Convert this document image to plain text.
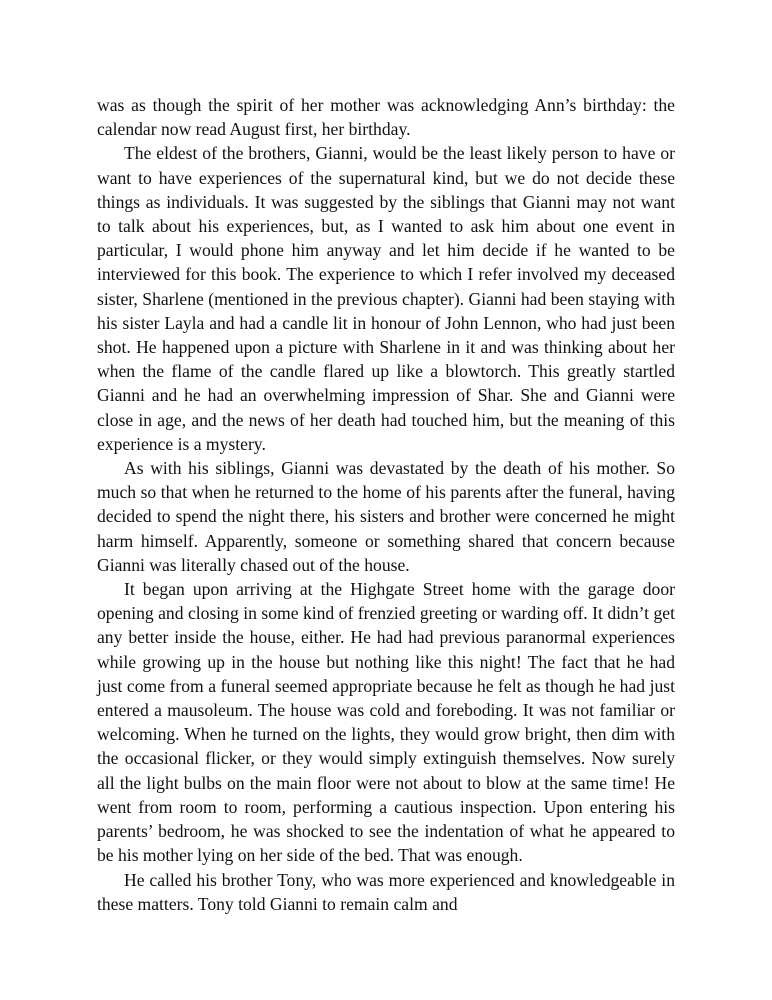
was as though the spirit of her mother was acknowledging Ann’s birthday: the calendar now read August first, her birthday.

The eldest of the brothers, Gianni, would be the least likely person to have or want to have experiences of the supernatural kind, but we do not decide these things as individuals. It was suggested by the siblings that Gianni may not want to talk about his experiences, but, as I wanted to ask him about one event in particular, I would phone him anyway and let him decide if he wanted to be interviewed for this book. The experience to which I refer involved my deceased sister, Sharlene (mentioned in the previous chapter). Gianni had been staying with his sister Layla and had a candle lit in honour of John Lennon, who had just been shot. He happened upon a picture with Sharlene in it and was thinking about her when the flame of the candle flared up like a blowtorch. This greatly startled Gianni and he had an overwhelming impression of Shar. She and Gianni were close in age, and the news of her death had touched him, but the meaning of this experience is a mystery.

As with his siblings, Gianni was devastated by the death of his mother. So much so that when he returned to the home of his parents after the funeral, having decided to spend the night there, his sisters and brother were concerned he might harm himself. Apparently, someone or something shared that concern because Gianni was literally chased out of the house.

It began upon arriving at the Highgate Street home with the garage door opening and closing in some kind of frenzied greeting or warding off. It didn’t get any better inside the house, either. He had had previous paranormal experiences while growing up in the house but nothing like this night! The fact that he had just come from a funeral seemed appropriate because he felt as though he had just entered a mausoleum. The house was cold and foreboding. It was not familiar or welcoming. When he turned on the lights, they would grow bright, then dim with the occasional flicker, or they would simply extinguish themselves. Now surely all the light bulbs on the main floor were not about to blow at the same time! He went from room to room, performing a cautious inspection. Upon entering his parents’ bedroom, he was shocked to see the indentation of what he appeared to be his mother lying on her side of the bed. That was enough.

He called his brother Tony, who was more experienced and knowledgeable in these matters. Tony told Gianni to remain calm and
